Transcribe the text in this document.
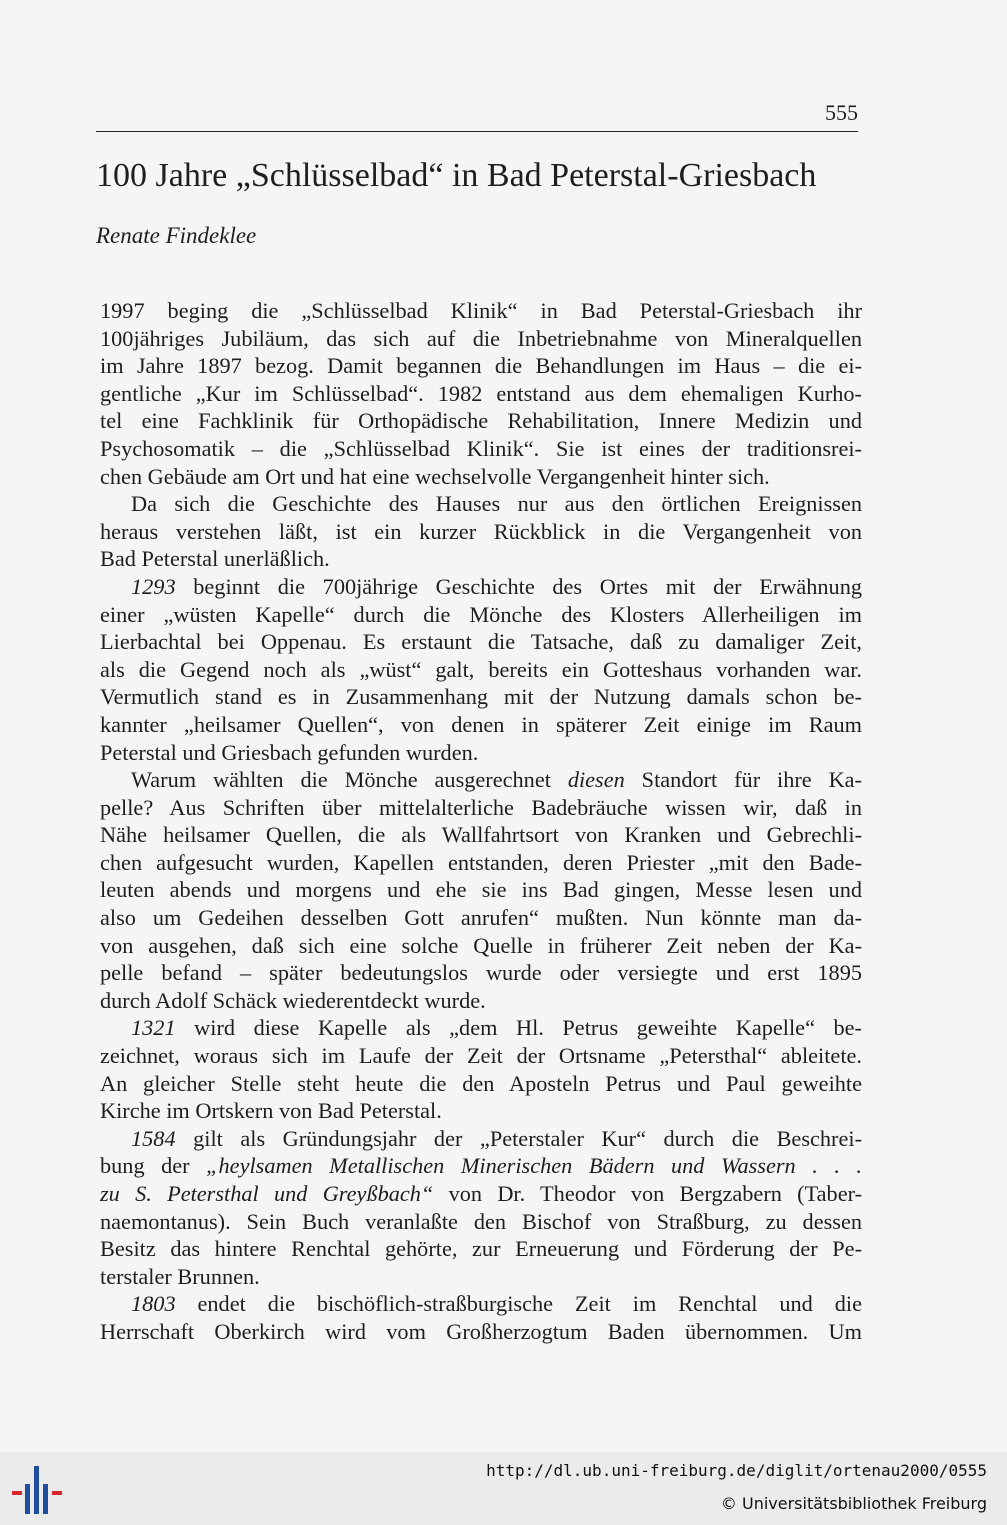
555
100 Jahre „Schlüsselbad“ in Bad Peterstal-Griesbach
Renate Findeklee

1997 beging die „Schlüsselbad Klinik“ in Bad Peterstal-Griesbach ihr
100jähriges Jubiläum, das sich auf die Inbetriebnahme von Mineralquellen
im Jahre 1897 bezog. Damit begannen die Behandlungen im Haus – die ei-
gentliche „Kur im Schlüsselbad“. 1982 entstand aus dem ehemaligen Kurho-
tel eine Fachklinik für Orthopädische Rehabilitation, Innere Medizin und
Psychosomatik – die „Schlüsselbad Klinik“. Sie ist eines der traditionsrei-
chen Gebäude am Ort und hat eine wechselvolle Vergangenheit hinter sich.

Da sich die Geschichte des Hauses nur aus den örtlichen Ereignissen
heraus verstehen läßt, ist ein kurzer Rückblick in die Vergangenheit von
Bad Peterstal unerläßlich.

1293 beginnt die 700jährige Geschichte des Ortes mit der Erwähnung
einer „wüsten Kapelle“ durch die Mönche des Klosters Allerheiligen im
Lierbachtal bei Oppenau. Es erstaunt die Tatsache, daß zu damaliger Zeit,
als die Gegend noch als „wüst“ galt, bereits ein Gotteshaus vorhanden war.
Vermutlich stand es in Zusammenhang mit der Nutzung damals schon be-
kannter „heilsamer Quellen“, von denen in späterer Zeit einige im Raum
Peterstal und Griesbach gefunden wurden.

Warum wählten die Mönche ausgerechnet diesen Standort für ihre Ka-
pelle? Aus Schriften über mittelalterliche Badebräuche wissen wir, daß in
Nähe heilsamer Quellen, die als Wallfahrtsort von Kranken und Gebrechli-
chen aufgesucht wurden, Kapellen entstanden, deren Priester „mit den Bade-
leuten abends und morgens und ehe sie ins Bad gingen, Messe lesen und
also um Gedeihen desselben Gott anrufen“ mußten. Nun könnte man da-
von ausgehen, daß sich eine solche Quelle in früherer Zeit neben der Ka-
pelle befand – später bedeutungslos wurde oder versiegte und erst 1895
durch Adolf Schäck wiederentdeckt wurde.

1321 wird diese Kapelle als „dem Hl. Petrus geweihte Kapelle“ be-
zeichnet, woraus sich im Laufe der Zeit der Ortsname „Petersthal“ ableitete.
An gleicher Stelle steht heute die den Aposteln Petrus und Paul geweihte
Kirche im Ortskern von Bad Peterstal.

1584 gilt als Gründungsjahr der „Peterstaler Kur“ durch die Beschrei-
bung der „heylsamen Metallischen Minerischen Bädern und Wassern . . .
zu S. Petersthal und Greyßbach“ von Dr. Theodor von Bergzabern (Taber-
naemontanus). Sein Buch veranlaßte den Bischof von Straßburg, zu dessen
Besitz das hintere Renchtal gehörte, zur Erneuerung und Förderung der Pe-
terstaler Brunnen.

1803 endet die bischöflich-straßburgische Zeit im Renchtal und die
Herrschaft Oberkirch wird vom Großherzogtum Baden übernommen. Um

http://dl.ub.uni-freiburg.de/diglit/ortenau2000/0555
© Universitätsbibliothek Freiburg
